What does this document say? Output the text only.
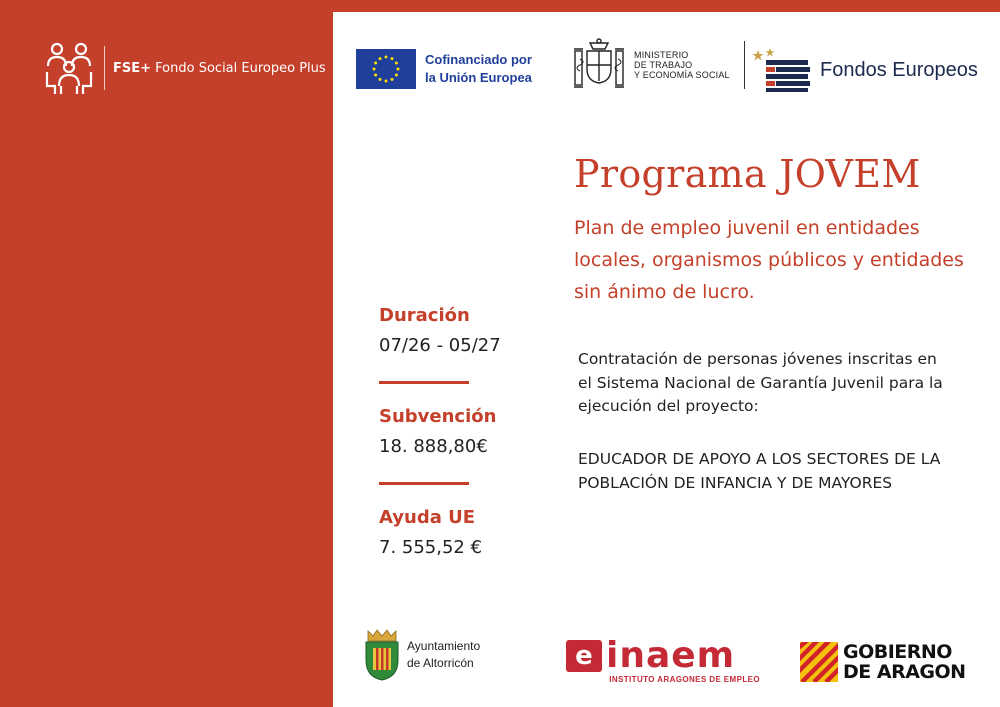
FSE+ Fondo Social Europeo Plus
Cofinanciado por
la Unión Europea
MINISTERIO
DE TRABAJO
Y ECONOMÍA SOCIAL	Fondos Europeos
Programa JOVEM
Plan de empleo juvenil en entidades locales, organismos públicos y entidades sin ánimo de lucro.
Duración
07/26 - 05/27
Subvención
18. 888,80€
Ayuda UE
7. 555,52 €
Contratación de personas jóvenes inscritas en el Sistema Nacional de Garantía Juvenil para la ejecución del proyecto:
EDUCADOR DE APOYO A LOS SECTORES DE LA POBLACIÓN DE INFANCIA Y DE MAYORES
Ayuntamiento
de Altorricón	e inaem
INSTITUTO ARAGONES DE EMPLEO
GOBIERNO
DE ARAGON
